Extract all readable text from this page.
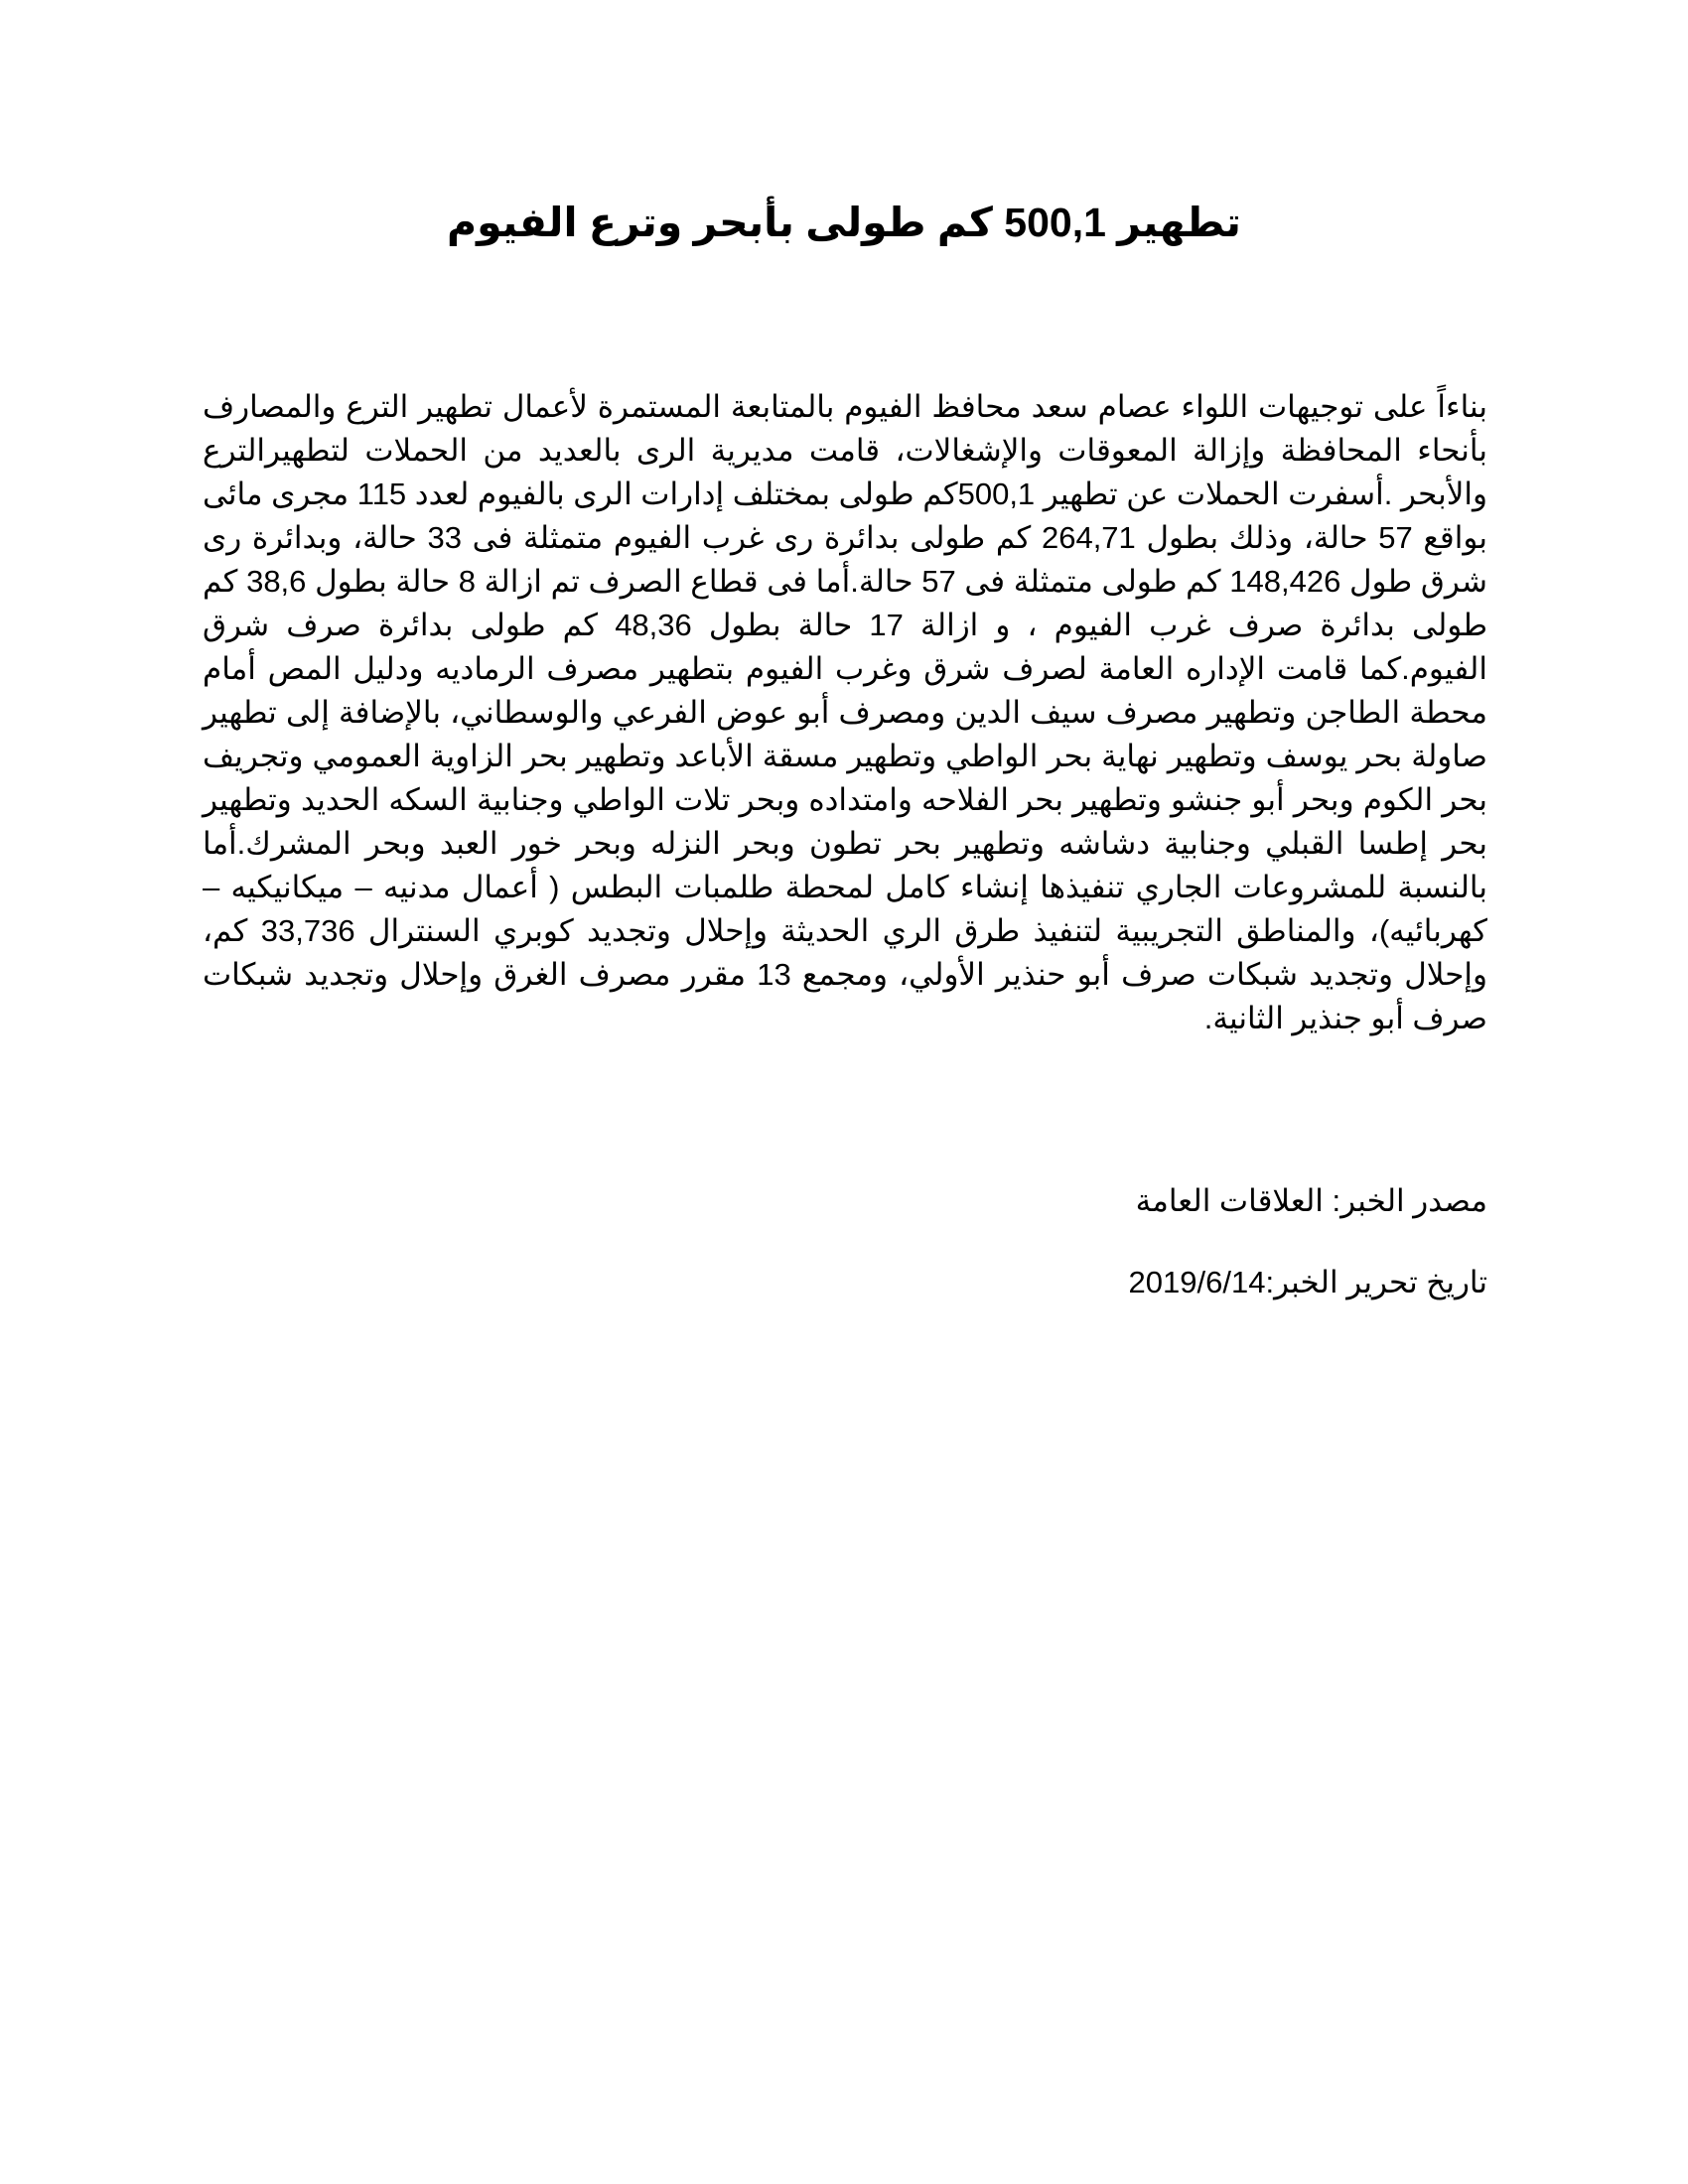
تطهير 500,1 كم طولى بأبحر وترع الفيوم

بناءاً على توجيهات اللواء عصام سعد محافظ الفيوم بالمتابعة المستمرة لأعمال تطهير الترع والمصارف بأنحاء المحافظة وإزالة المعوقات والإشغالات، قامت مديرية الرى بالعديد من الحملات لتطهيرالترع والأبحر .أسفرت الحملات عن تطهير 500,1كم طولى بمختلف إدارات الرى بالفيوم لعدد 115 مجرى مائى بواقع 57 حالة، وذلك بطول 264,71 كم طولى بدائرة رى غرب الفيوم متمثلة فى 33 حالة، وبدائرة رى شرق طول 148,426 كم طولى متمثلة فى 57 حالة.أما فى قطاع الصرف تم ازالة 8 حالة بطول 38,6 كم طولى بدائرة صرف غرب الفيوم ، و ازالة 17 حالة بطول 48,36 كم طولى بدائرة صرف شرق الفيوم.كما قامت الإداره العامة لصرف شرق وغرب الفيوم بتطهير مصرف الرماديه ودليل المص أمام محطة الطاجن وتطهير مصرف سيف الدين ومصرف أبو عوض الفرعي والوسطاني، بالإضافة إلى تطهير صاولة بحر يوسف وتطهير نهاية بحر الواطي وتطهير مسقة الأباعد وتطهير بحر الزاوية العمومي وتجريف بحر الكوم وبحر أبو جنشو وتطهير بحر الفلاحه وامتداده وبحر تلات الواطي وجنابية السكه الحديد وتطهير بحر إطسا القبلي وجنابية دشاشه وتطهير بحر تطون وبحر النزله وبحر خور العبد وبحر المشرك.أما بالنسبة للمشروعات الجاري تنفيذها إنشاء كامل لمحطة طلمبات البطس ( أعمال مدنيه – ميكانيكيه – كهربائيه)، والمناطق التجريبية لتنفيذ طرق الري الحديثة وإحلال وتجديد كوبري السنترال 33,736 كم، وإحلال وتجديد شبكات صرف أبو حنذير الأولي، ومجمع 13 مقرر مصرف الغرق وإحلال وتجديد شبكات صرف أبو جنذير الثانية.

مصدر الخبر: العلاقات العامة

تاريخ تحرير الخبر:2019/6/14
